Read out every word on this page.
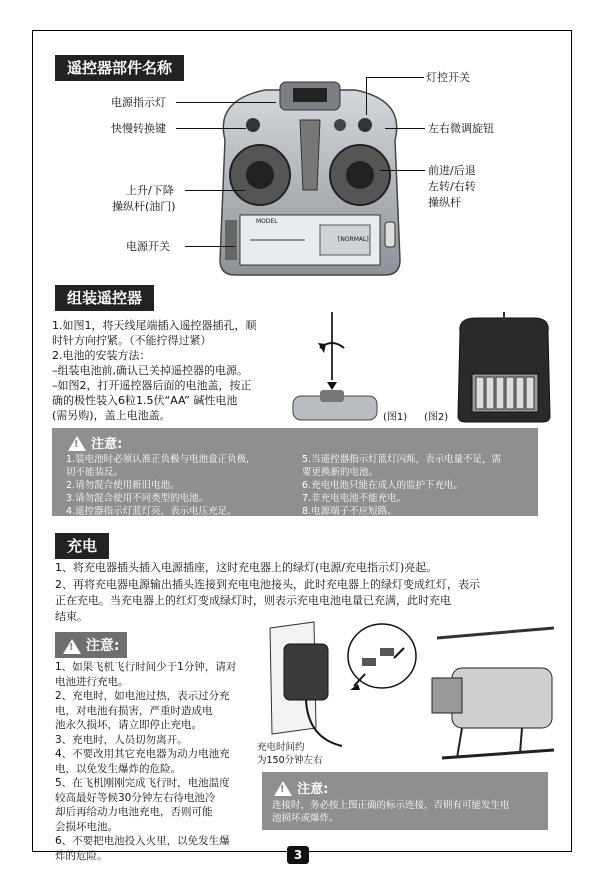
遥控器部件名称
MODEL
[NORMAL]
电源指示灯
快慢转换键
上升/下降
操纵杆(油门)
电源开关
灯控开关
左右微调旋钮
前进/后退
左转/右转
操纵杆
组装遥控器
1.如图1，将天线尾端插入遥控器插孔，顺
时针方向拧紧。（不能拧得过紧）
2.电池的安装方法：
–组装电池前,确认已关掉遥控器的电源。
–如图2，打开遥控器后面的电池盖，按正
确的极性装入6粒1.5伏“AA” 碱性电池
(需另购)，盖上电池盖。	(图1) (图2)
! 注意:
1.装电池时必须认准正负极与电池盒正负极,
切不能装反。
2.请勿混合使用新旧电池。
3.请勿混合使用不同类型的电池。
4.遥控器指示灯蓝灯亮，表示电压充足。
5.当遥控器指示灯蓝灯闪烁，表示电量不足，需
要更换新的电池。
6.充电电池只能在成人的监护下充电。
7.非充电电池不能充电。
8.电源端子不应短路。
充电
1、将充电器插头插入电源插座，这时充电器上的绿灯(电源/充电指示灯)亮起。
2、再将充电器电源输出插头连接到充电电池接头，此时充电器上的绿灯变成红灯，表示
正在充电。当充电器上的红灯变成绿灯时，则表示充电电池电量已充满，此时充电
结束。
! 注意:
1、如果飞机飞行时间少于1分钟，请对
电池进行充电。
2、充电时，如电池过热，表示过分充
电，对电池有损害，严重时造成电
池永久损坏，请立即停止充电。
3、充电时，人员切勿离开。
4、不要改用其它充电器为动力电池充
电，以免发生爆炸的危险。
5、在飞机刚刚完成飞行时，电池温度
较高最好等候30分钟左右待电池冷
却后再给动力电池充电，否则可能
会损坏电池。
6、不要把电池投入火里，以免发生爆
炸的危险。
充电时间约
为150分钟左右
! 注意:
连接时，务必按上图正确的标示连接，否则有可能发生电
池损坏或爆炸。
3
